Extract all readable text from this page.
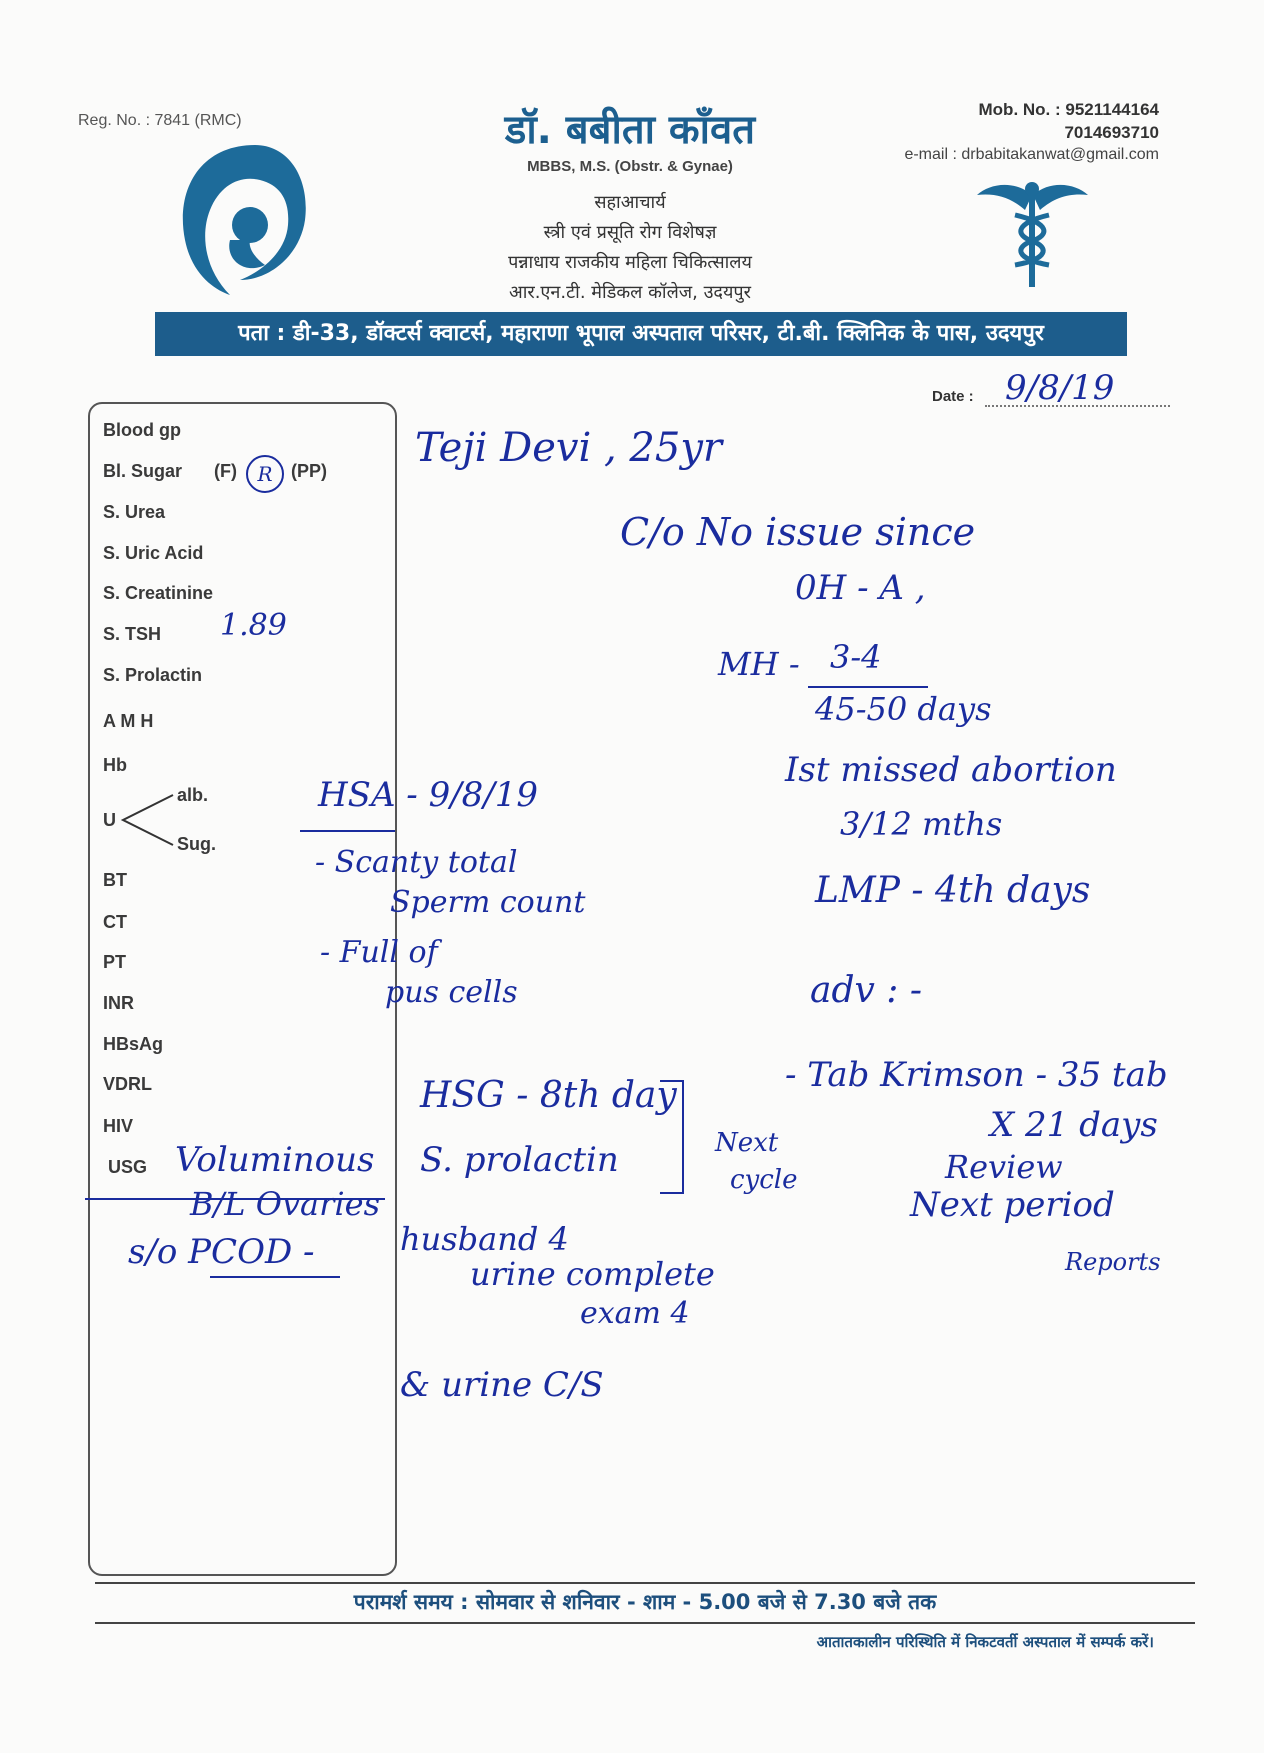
Reg. No. : 7841 (RMC)	डॉ. बबीता काँवत
MBBS, M.S. (Obstr. & Gynae)
सहाआचार्य
स्त्री एवं प्रसूति रोग विशेषज्ञ
पन्नाधाय राजकीय महिला चिकित्सालय
आर.एन.टी. मेडिकल कॉलेज, उदयपुर
Mob. No. : 9521144164
7014693710
e-mail : drbabitakanwat@gmail.com
पता : डी-33, डॉक्टर्स क्वाटर्स, महाराणा भूपाल अस्पताल परिसर, टी.बी. क्लिनिक के पास, उदयपुर
Date : 9/8/19
Blood gp
Bl. Sugar (F)	R	(PP)
S. Urea
S. Uric Acid
S. Creatinine
S. TSH 1.89
S. Prolactin
A M H
Hb
U
alb.
Sug.
BT
CT
PT
INR
HBsAg
VDRL
HIV
USG
Teji Devi , 25yr
C/o No issue since
0H - A ,
MH - 3-4
45-50 days
Ist missed abortion
3/12 mths
LMP - 4th days
HSA - 9/8/19
- Scanty total
Sperm count
- Full of
pus cells
Voluminous
B/L Ovaries
s/o PCOD -
adv : -
- Tab Krimson - 35 tab
X 21 days
Review
Next period
Reports
HSG - 8th day
S. prolactin	Next
cycle
husband 4
urine complete
exam 4
& urine C/S
परामर्श समय : सोमवार से शनिवार - शाम - 5.00 बजे से 7.30 बजे तक
आतातकालीन परिस्थिति में निकटवर्ती अस्पताल में सम्पर्क करें।
